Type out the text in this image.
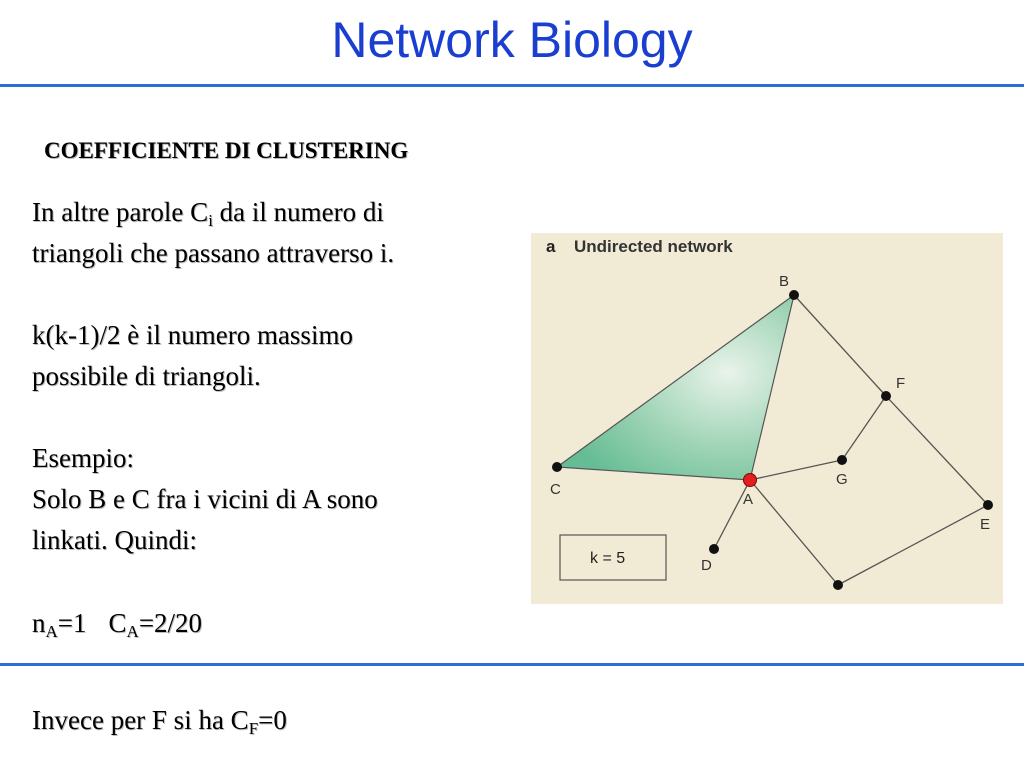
Network Biology
COEFFICIENTE DI CLUSTERING
In altre parole $C_i$ da il numero di
triangoli che passano attraverso i.
k(k-1)/2 è il numero massimo
possibile di triangoli.
Esempio:
Solo B e C fra i vicini di A sono
linkati. Quindi:
$n_A=1$ $C_A=2/20$
a Undirected network
B
C
F
G
E
A
D
k = 5
Invece per F si ha $C_F=0$
